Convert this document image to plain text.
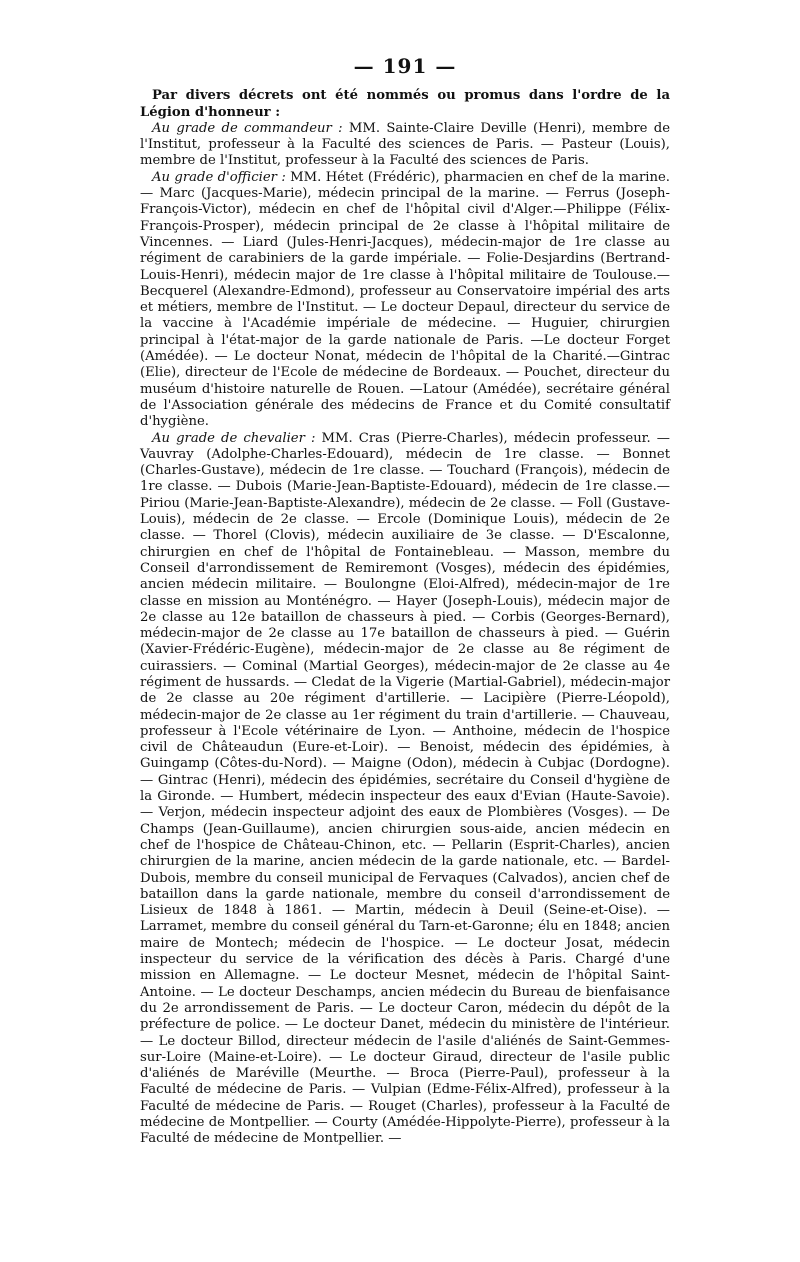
— 191 —

Par divers décrets ont été nommés ou promus dans l'ordre de la Légion d'honneur :

Au grade de commandeur : MM. Sainte-Claire Deville (Henri), membre de l'Institut, professeur à la Faculté des sciences de Paris. — Pasteur (Louis), membre de l'Institut, professeur à la Faculté des sciences de Paris.

Au grade d'officier : MM. Hétet (Frédéric), pharmacien en chef de la marine. — Marc (Jacques-Marie), médecin principal de la marine. — Ferrus (Joseph-François-Victor), médecin en chef de l'hôpital civil d'Alger.—Philippe (Félix-François-Prosper), médecin principal de 2e classe à l'hôpital militaire de Vincennes. — Liard (Jules-Henri-Jacques), médecin-major de 1re classe au régiment de carabiniers de la garde impériale. — Folie-Desjardins (Bertrand-Louis-Henri), médecin major de 1re classe à l'hôpital militaire de Toulouse.— Becquerel (Alexandre-Edmond), professeur au Conservatoire impérial des arts et métiers, membre de l'Institut. — Le docteur Depaul, directeur du service de la vaccine à l'Académie impériale de médecine. — Huguier, chirurgien principal à l'état-major de la garde nationale de Paris. —Le docteur Forget (Amédée). — Le docteur Nonat, médecin de l'hôpital de la Charité.—Gintrac (Elie), directeur de l'Ecole de médecine de Bordeaux. — Pouchet, directeur du muséum d'histoire naturelle de Rouen. —Latour (Amédée), secrétaire général de l'Association générale des médecins de France et du Comité consultatif d'hygiène.

Au grade de chevalier : MM. Cras (Pierre-Charles), médecin professeur. — Vauvray (Adolphe-Charles-Edouard), médecin de 1re classe. — Bonnet (Charles-Gustave), médecin de 1re classe. — Touchard (François), médecin de 1re classe. — Dubois (Marie-Jean-Baptiste-Edouard), médecin de 1re classe.— Piriou (Marie-Jean-Baptiste-Alexandre), médecin de 2e classe. — Foll (Gustave-Louis), médecin de 2e classe. — Ercole (Dominique Louis), médecin de 2e classe. — Thorel (Clovis), médecin auxiliaire de 3e classe. — D'Escalonne, chirurgien en chef de l'hôpital de Fontainebleau. — Masson, membre du Conseil d'arrondissement de Remiremont (Vosges), médecin des épidémies, ancien médecin militaire. — Boulongne (Eloi-Alfred), médecin-major de 1re classe en mission au Monténégro. — Hayer (Joseph-Louis), médecin major de 2e classe au 12e bataillon de chasseurs à pied. — Corbis (Georges-Bernard), médecin-major de 2e classe au 17e bataillon de chasseurs à pied. — Guérin (Xavier-Frédéric-Eugène), médecin-major de 2e classe au 8e régiment de cuirassiers. — Cominal (Martial Georges), médecin-major de 2e classe au 4e régiment de hussards. — Cledat de la Vigerie (Martial-Gabriel), médecin-major de 2e classe au 20e régiment d'artillerie. — Lacipière (Pierre-Léopold), médecin-major de 2e classe au 1er régiment du train d'artillerie. — Chauveau, professeur à l'Ecole vétérinaire de Lyon. — Anthoine, médecin de l'hospice civil de Châteaudun (Eure-et-Loir). — Benoist, médecin des épidémies, à Guingamp (Côtes-du-Nord). — Maigne (Odon), médecin à Cubjac (Dordogne). — Gintrac (Henri), médecin des épidémies, secrétaire du Conseil d'hygiène de la Gironde. — Humbert, médecin inspecteur des eaux d'Evian (Haute-Savoie). — Verjon, médecin inspecteur adjoint des eaux de Plombières (Vosges). — De Champs (Jean-Guillaume), ancien chirurgien sous-aide, ancien médecin en chef de l'hospice de Château-Chinon, etc. — Pellarin (Esprit-Charles), ancien chirurgien de la marine, ancien médecin de la garde nationale, etc. — Bardel-Dubois, membre du conseil municipal de Fervaques (Calvados), ancien chef de bataillon dans la garde nationale, membre du conseil d'arrondissement de Lisieux de 1848 à 1861. — Martin, médecin à Deuil (Seine-et-Oise). — Larramet, membre du conseil général du Tarn-et-Garonne; élu en 1848; ancien maire de Montech; médecin de l'hospice. — Le docteur Josat, médecin inspecteur du service de la vérification des décès à Paris. Chargé d'une mission en Allemagne. — Le docteur Mesnet, médecin de l'hôpital Saint-Antoine. — Le docteur Deschamps, ancien médecin du Bureau de bienfaisance du 2e arrondissement de Paris. — Le docteur Caron, médecin du dépôt de la préfecture de police. — Le docteur Danet, médecin du ministère de l'intérieur. — Le docteur Billod, directeur médecin de l'asile d'aliénés de Saint-Gemmes-sur-Loire (Maine-et-Loire). — Le docteur Giraud, directeur de l'asile public d'aliénés de Maréville (Meurthe. — Broca (Pierre-Paul), professeur à la Faculté de médecine de Paris. — Vulpian (Edme-Félix-Alfred), professeur à la Faculté de médecine de Paris. — Rouget (Charles), professeur à la Faculté de médecine de Montpellier. — Courty (Amédée-Hippolyte-Pierre), professeur à la Faculté de médecine de Montpellier. —
